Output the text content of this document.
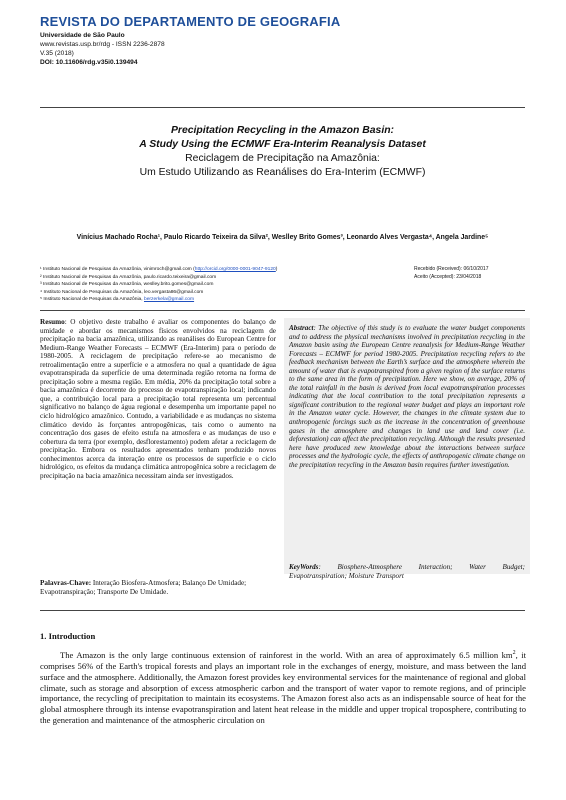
REVISTA DO DEPARTAMENTO DE GEOGRAFIA
Universidade de São Paulo
www.revistas.usp.br/rdg - ISSN 2236-2878
V.35 (2018)
DOI: 10.11606/rdg.v35i0.139494
Precipitation Recycling in the Amazon Basin:
A Study Using the ECMWF Era-Interim Reanalysis Dataset
Reciclagem de Precipitação na Amazônia:
Um Estudo Utilizando as Reanálises do Era-Interim (ECMWF)
Vinícius Machado Rocha¹, Paulo Ricardo Teixeira da Silva², Weslley Brito Gomes³, Leonardo Alves Vergasta⁴, Angela Jardine⁵
¹ Instituto Nacional de Pesquisas da Amazônia, vinimroch@gmail.com (http://orcid.org/0000-0001-9047-9120)
² Instituto Nacional de Pesquisas da Amazônia, paulo.ricardo.teixeira@gmail.com
³ Instituto Nacional de Pesquisas da Amazônia, weslley.brito.gomes@gmail.com
⁴ Instituto Nacional de Pesquisas da Amazônia, leo.vergasta86@gmail.com
⁵ Instituto Nacional de Pesquisas da Amazônia, berzerkela@gmail.com
Recebido (Received): 06/10/2017
Aceito (Accepted): 23/04/2018
Resumo: O objetivo deste trabalho é avaliar os componentes do balanço de umidade e abordar os mecanismos físicos envolvidos na reciclagem de precipitação na bacia amazônica, utilizando as reanálises do European Centre for Medium-Range Weather Forecasts – ECMWF (Era-Interim) para o período de 1980-2005. A reciclagem de precipitação refere-se ao mecanismo de retroalimentação entre a superfície e a atmosfera no qual a quantidade de água evapotranspirada da superfície de uma determinada região retorna na forma de precipitação sobre a mesma região. Em média, 20% da precipitação total sobre a bacia amazônica é decorrente do processo de evapotranspiração local; indicando que, a contribuição local para a precipitação total representa um percentual significativo no balanço de água regional e desempenha um importante papel no ciclo hidrológico amazônico. Contudo, a variabilidade e as mudanças no sistema climático devido às forçantes antropogênicas, tais como o aumento na concentração dos gases de efeito estufa na atmosfera e as mudanças de uso e cobertura da terra (por exemplo, desflorestamento) podem afetar a reciclagem de precipitação. Embora os resultados apresentados tenham produzido novos conhecimentos acerca da interação entre os processos de superfície e o ciclo hidrológico, os efeitos da mudança climática antropogênica sobre a reciclagem de precipitação na bacia amazônica necessitam ainda ser investigados.
Palavras-Chave: Interação Biosfera-Atmosfera; Balanço De Umidade; Evapotranspiração; Transporte De Umidade.
Abstract: The objective of this study is to evaluate the water budget components and to address the physical mechanisms involved in precipitation recycling in the Amazon basin using the European Centre reanalysis for Medium-Range Weather Forecasts – ECMWF for period 1980-2005. Precipitation recycling refers to the feedback mechanism between the Earth’s surface and the atmosphere wherein the amount of water that is evapotranspired from a given region of the surface returns to the same area in the form of precipitation. Here we show, on average, 20% of the total rainfall in the basin is derived from local evapotranspiration processes indicating that the local contribution to the total precipitation represents a significant contribution to the regional water budget and plays an important role in the Amazon water cycle. However, the changes in the climate system due to anthropogenic forcings such as the increase in the concentration of greenhouse gases in the atmosphere and changes in land use and land cover (i.e. deforestation) can affect the precipitation recycling. Although the results presented here have produced new knowledge about the interactions between surface processes and the hydrologic cycle, the effects of anthropogenic climate change on the precipitation recycling in the Amazon basin requires further investigation.
KeyWords: Biosphere-Atmosphere Interaction; Water Budget; Evapotranspiration; Moisture Transport
1. Introduction
The Amazon is the only large continuous extension of rainforest in the world. With an area of approximately 6.5 million $km^2$, it comprises 56% of the Earth's tropical forests and plays an important role in the exchanges of energy, moisture, and mass between the land surface and the atmosphere. Additionally, the Amazon forest provides key environmental services for the maintenance of regional and global climate, such as storage and absorption of excess atmospheric carbon and the transport of water vapor to remote regions, and of principle importance, the recycling of precipitation to maintain its ecosystems. The Amazon forest also acts as an indispensable source of heat for the global atmosphere through its intense evapotranspiration and latent heat release in the middle and upper tropical troposphere, contributing to the generation and maintenance of the atmospheric circulation on
